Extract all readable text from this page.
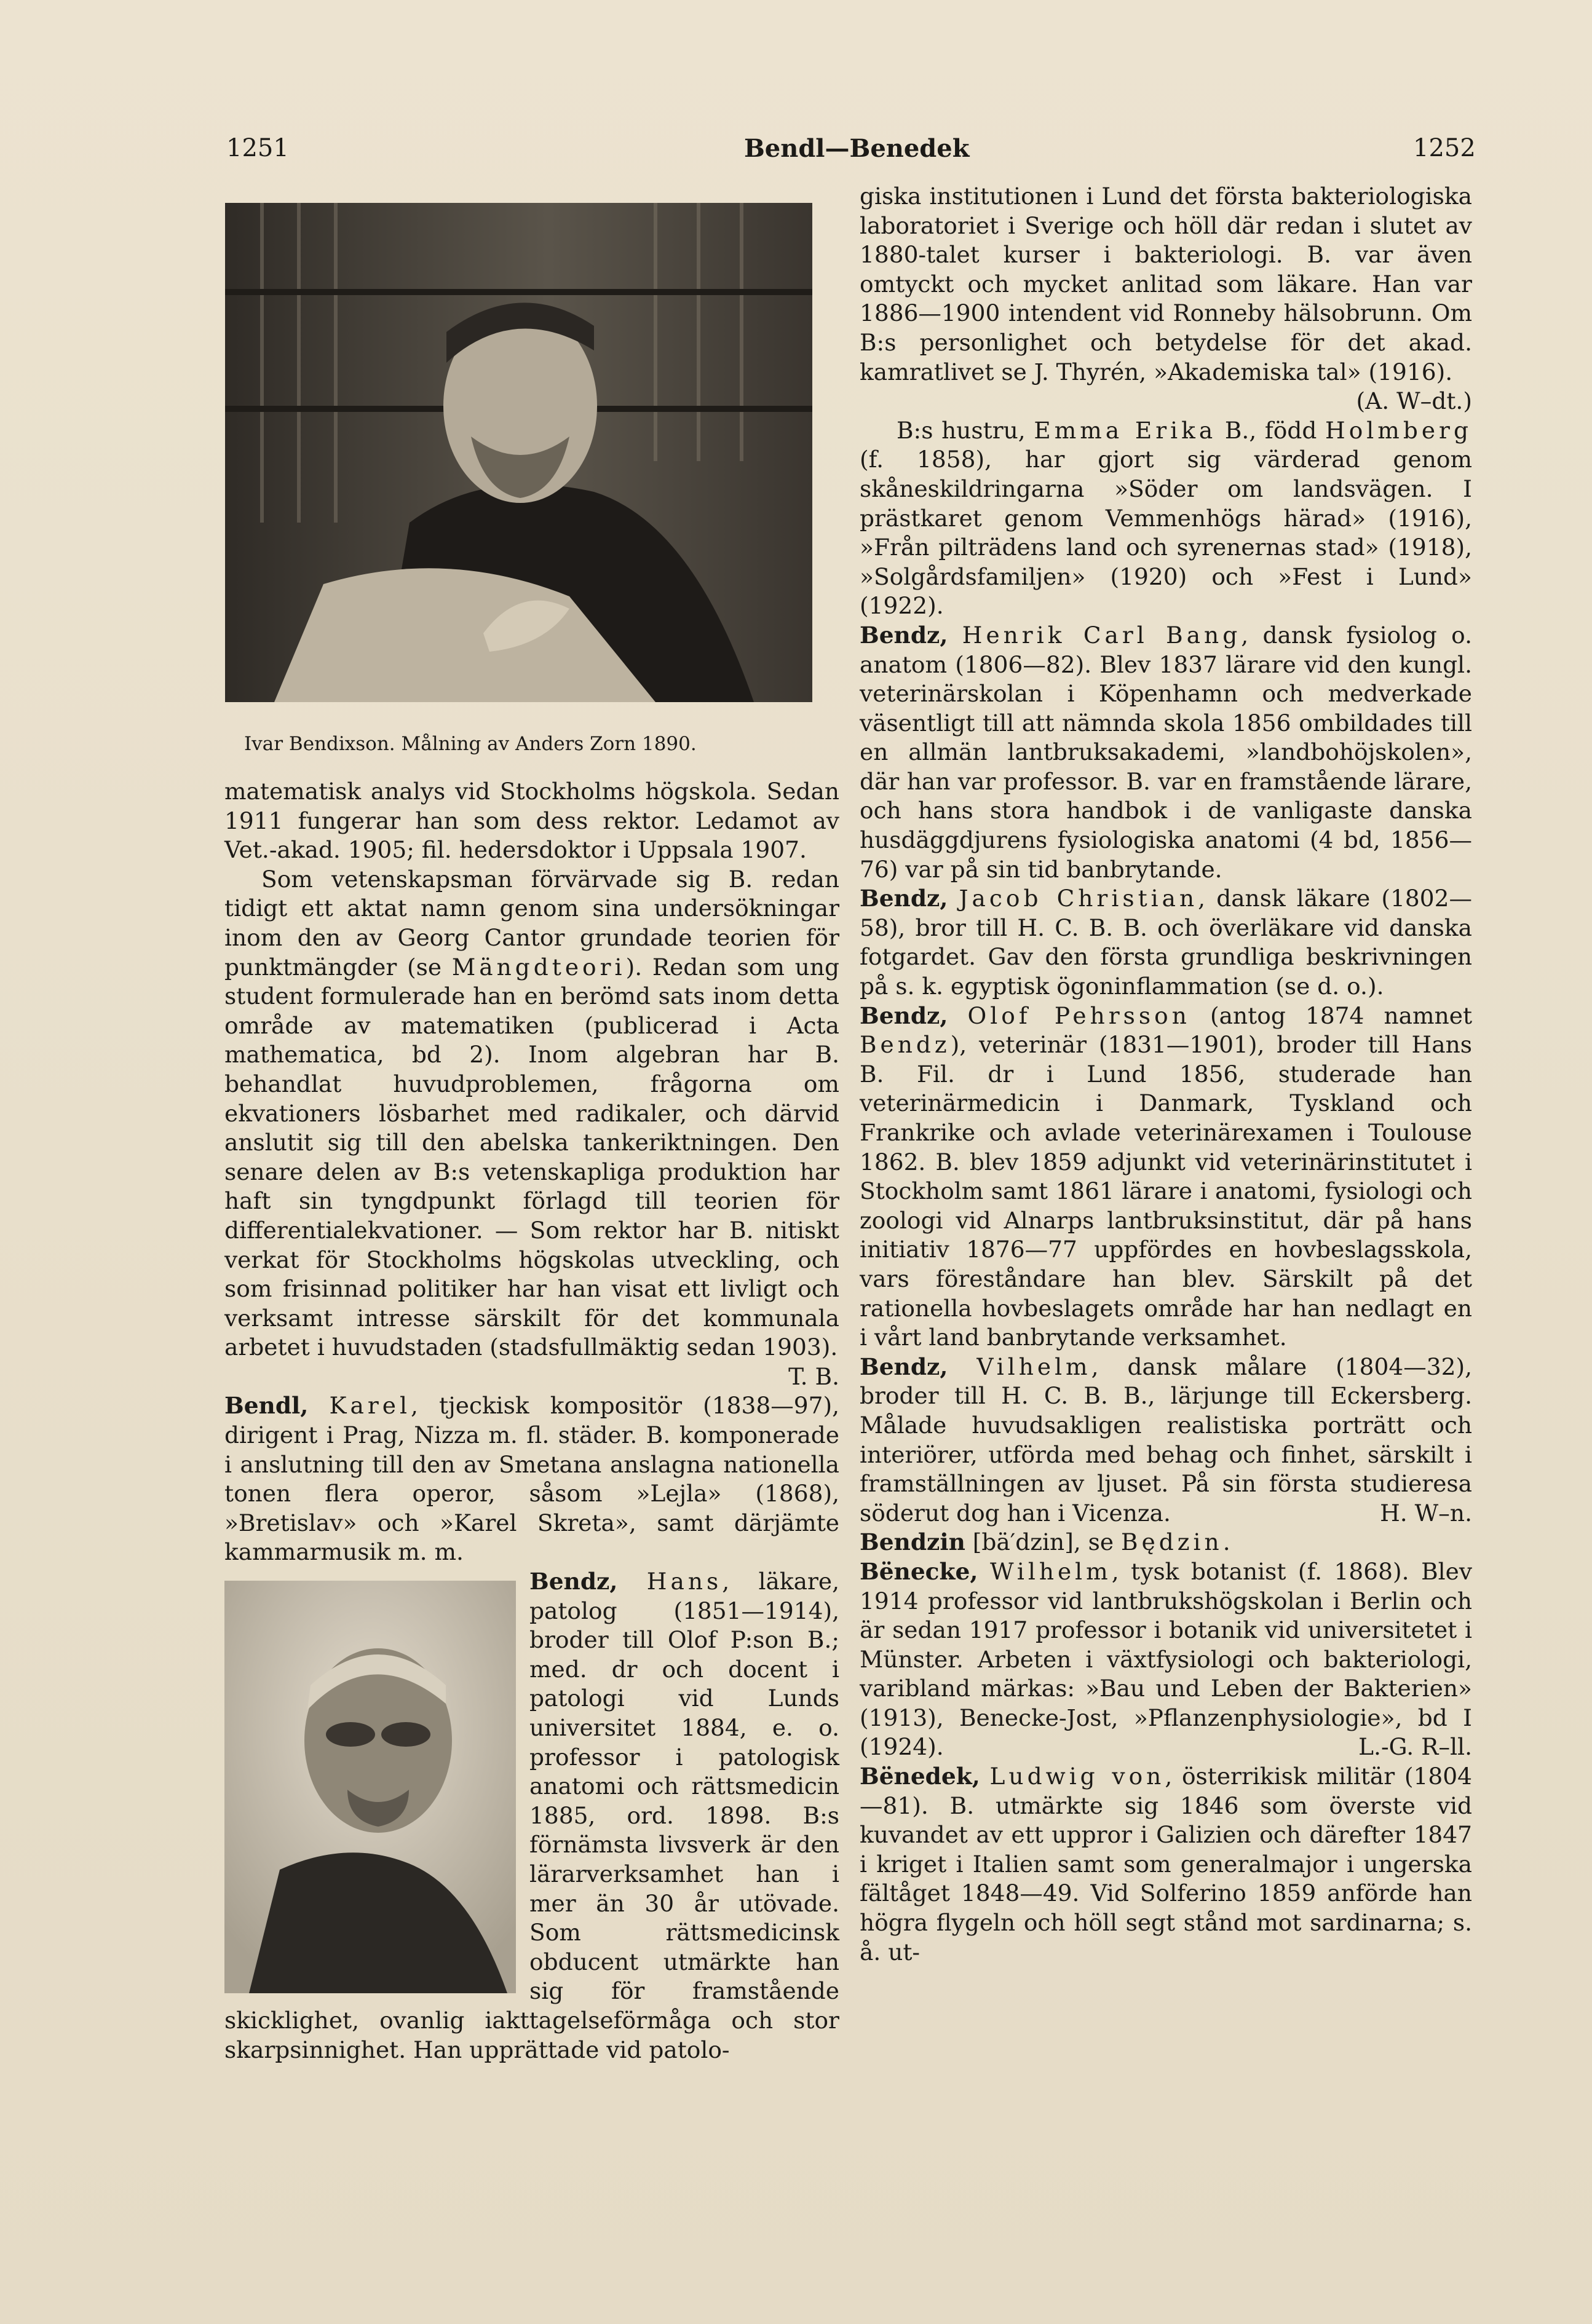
1251	Bendl—Benedek	1252

Ivar Bendixson. Målning av Anders Zorn 1890.

matematisk analys vid Stockholms högskola. Sedan 1911 fungerar han som dess rektor. Ledamot av Vet.-akad. 1905; fil. hedersdoktor i Uppsala 1907.

Som vetenskapsman förvärvade sig B. redan tidigt ett aktat namn genom sina undersökningar inom den av Georg Cantor grundade teorien för punktmängder (se Mängdteori). Redan som ung student formulerade han en berömd sats inom detta område av matematiken (publicerad i Acta mathematica, bd 2). Inom algebran har B. behandlat huvudproblemen, frågorna om ekvationers lösbarhet med radikaler, och därvid anslutit sig till den abelska tankeriktningen. Den senare delen av B:s vetenskapliga produktion har haft sin tyngdpunkt förlagd till teorien för differentialekvationer. — Som rektor har B. nitiskt verkat för Stockholms högskolas utveckling, och som frisinnad politiker har han visat ett livligt och verksamt intresse särskilt för det kommunala arbetet i huvudstaden (stadsfullmäktig sedan 1903).
T. B.

Bendl, Karel, tjeckisk kompositör (1838—97), dirigent i Prag, Nizza m. fl. städer. B. komponerade i anslutning till den av Smetana anslagna nationella tonen flera operor, såsom »Lejla» (1868), »Bretislav» och »Karel Skreta», samt därjämte kammarmusik m. m.

Bendz, Hans
, läkare, patolog (1851—1914), broder till Olof P:son B.; med. dr och docent i patologi vid Lunds universitet 1884, e. o. professor i patologisk anatomi och rättsmedicin 1885, ord. 1898. B:s förnämsta livsverk är den lärarverksamhet han i mer än 30 år utövade. Som rättsmedicinsk obducent utmärkte han sig för framstående skicklighet, ovanlig iakttagelseförmåga och stor skarpsinnighet. Han upprättade vid patolo-

giska institutionen i Lund det första bakteriologiska laboratoriet i Sverige och höll där redan i slutet av 1880-talet kurser i bakteriologi. B. var även omtyckt och mycket anlitad som läkare. Han var 1886—1900 intendent vid Ronneby hälsobrunn. Om B:s personlighet och betydelse för det akad. kamratlivet se J. Thyrén, »Akademiska tal» (1916).
(A. W–dt.)

B:s hustru, Emma Erika B., född Holmberg (f. 1858), har gjort sig värderad genom skåneskildringarna »Söder om landsvägen. I prästkaret genom Vemmenhögs härad» (1916), »Från pilträdens land och syrenernas stad» (1918), »Solgårdsfamiljen» (1920) och »Fest i Lund» (1922).

Bendz, Henrik Carl Bang, dansk fysiolog o. anatom (1806—82). Blev 1837 lärare vid den kungl. veterinärskolan i Köpenhamn och medverkade väsentligt till att nämnda skola 1856 ombildades till en allmän lantbruksakademi, »landbohöjskolen», där han var professor. B. var en framstående lärare, och hans stora handbok i de vanligaste danska husdäggdjurens fysiologiska anatomi (4 bd, 1856—76) var på sin tid banbrytande.

Bendz, Jacob Christian, dansk läkare (1802—58), bror till H. C. B. B. och överläkare vid danska fotgardet. Gav den första grundliga beskrivningen på s. k. egyptisk ögoninflammation (se d. o.).

Bendz, Olof Pehrsson (antog 1874 namnet Bendz), veterinär (1831—1901), broder till Hans B. Fil. dr i Lund 1856, studerade han veterinärmedicin i Danmark, Tyskland och Frankrike och avlade veterinärexamen i Toulouse 1862. B. blev 1859 adjunkt vid veterinärinstitutet i Stockholm samt 1861 lärare i anatomi, fysiologi och zoologi vid Alnarps lantbruksinstitut, där på hans initiativ 1876—77 uppfördes en hovbeslagsskola, vars föreståndare han blev. Särskilt på det rationella hovbeslagets område har han nedlagt en i vårt land banbrytande verksamhet.

Bendz, Vilhelm, dansk målare (1804—32), broder till H. C. B. B., lärjunge till Eckersberg. Målade huvudsakligen realistiska porträtt och interiörer, utförda med behag och finhet, särskilt i framställningen av ljuset. På sin första studieresa söderut dog han i Vicenza.	H. W–n.

Bendzin [bä′dzin], se Będzin.

Bënecke, Wilhelm, tysk botanist (f. 1868). Blev 1914 professor vid lantbrukshögskolan i Berlin och är sedan 1917 professor i botanik vid universitetet i Münster. Arbeten i växtfysiologi och bakteriologi, varibland märkas: »Bau und Leben der Bakterien» (1913), Benecke-Jost, »Pflanzenphysiologie», bd I (1924).	L.-G. R–ll.

Bënedek, Ludwig von, österrikisk militär (1804—81). B. utmärkte sig 1846 som överste vid kuvandet av ett uppror i Galizien och därefter 1847 i kriget i Italien samt som generalmajor i ungerska fältåget 1848—49. Vid Solferino 1859 anförde han högra flygeln och höll segt stånd mot sardinarna; s. å. ut-
